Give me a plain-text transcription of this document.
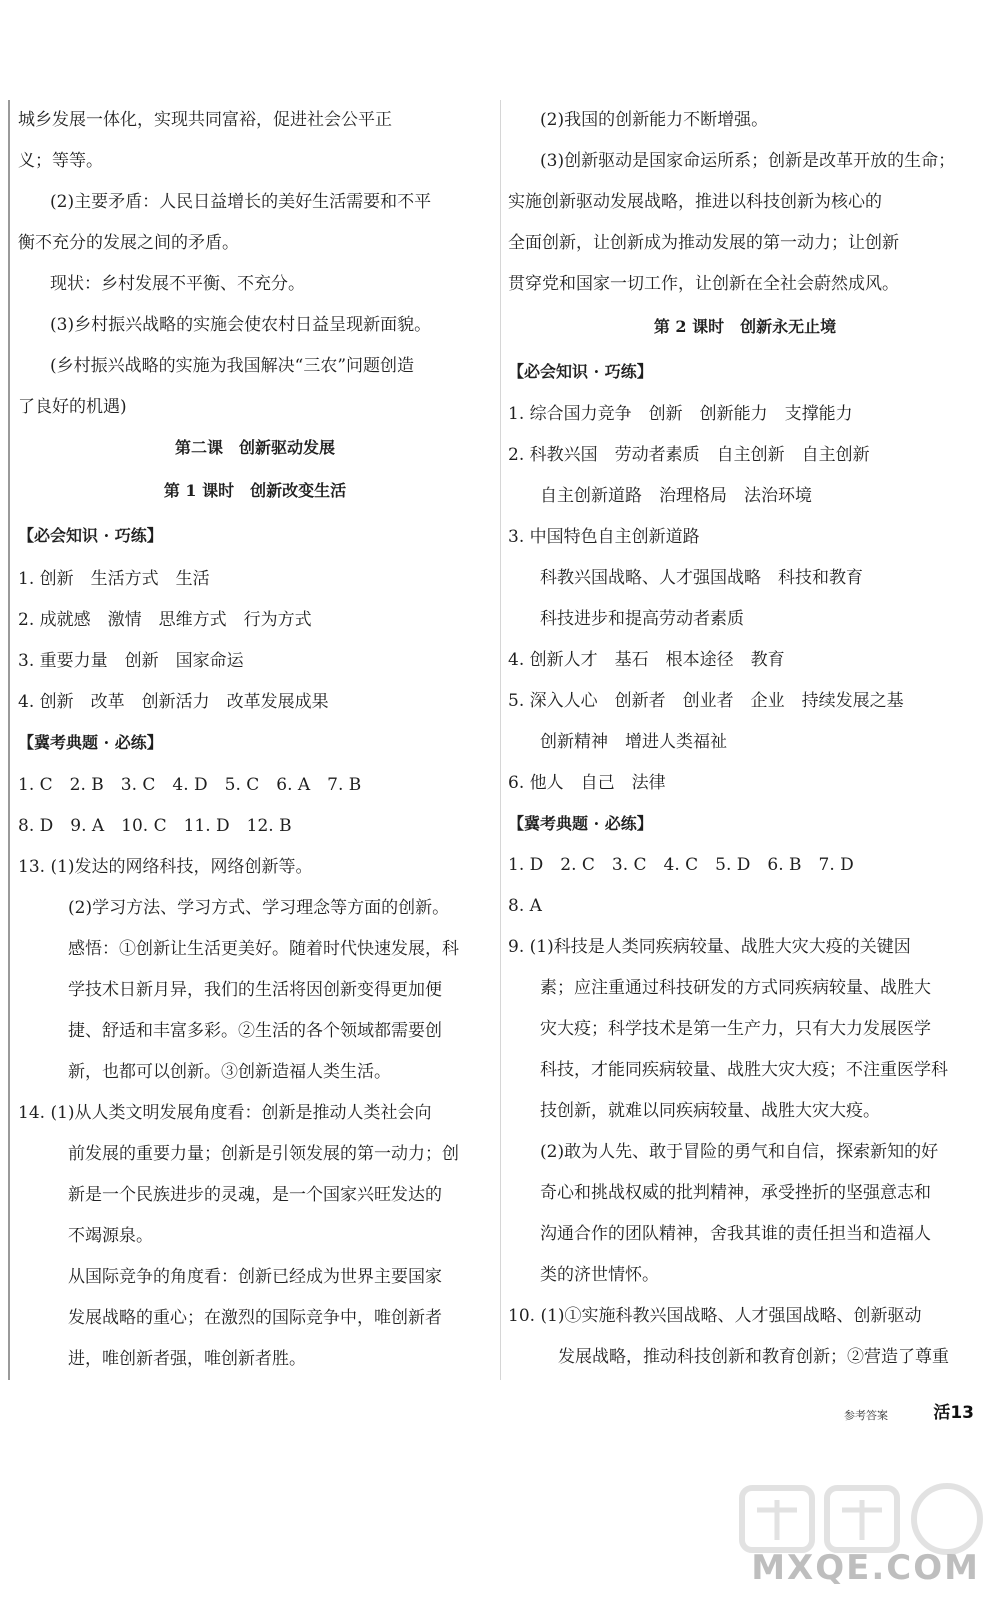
城乡发展一体化，实现共同富裕，促进社会公平正
义；等等。
(2)主要矛盾：人民日益增长的美好生活需要和不平
衡不充分的发展之间的矛盾。
现状：乡村发展不平衡、不充分。
(3)乡村振兴战略的实施会使农村日益呈现新面貌。
(乡村振兴战略的实施为我国解决“三农”问题创造
了良好的机遇)
第二课　创新驱动发展
第 1 课时　创新改变生活
【必会知识 · 巧练】
1. 创新　生活方式　生活
2. 成就感　激情　思维方式　行为方式
3. 重要力量　创新　国家命运
4. 创新　改革　创新活力　改革发展成果
【冀考典题 · 必练】
1. C　2. B　3. C　4. D　5. C　6. A　7. B
8. D　9. A　10. C　11. D　12. B
13. (1)发达的网络科技，网络创新等。
(2)学习方法、学习方式、学习理念等方面的创新。
感悟：①创新让生活更美好。随着时代快速发展，科
学技术日新月异，我们的生活将因创新变得更加便
捷、舒适和丰富多彩。②生活的各个领域都需要创
新，也都可以创新。③创新造福人类生活。
14. (1)从人类文明发展角度看：创新是推动人类社会向
前发展的重要力量；创新是引领发展的第一动力；创
新是一个民族进步的灵魂，是一个国家兴旺发达的
不竭源泉。
从国际竞争的角度看：创新已经成为世界主要国家
发展战略的重心；在激烈的国际竞争中，唯创新者
进，唯创新者强，唯创新者胜。
(2)我国的创新能力不断增强。
(3)创新驱动是国家命运所系；创新是改革开放的生命；
实施创新驱动发展战略，推进以科技创新为核心的
全面创新，让创新成为推动发展的第一动力；让创新
贯穿党和国家一切工作，让创新在全社会蔚然成风。
第 2 课时　创新永无止境
【必会知识 · 巧练】
1. 综合国力竞争　创新　创新能力　支撑能力
2. 科教兴国　劳动者素质　自主创新　自主创新
自主创新道路　治理格局　法治环境
3. 中国特色自主创新道路
科教兴国战略、人才强国战略　科技和教育
科技进步和提高劳动者素质
4. 创新人才　基石　根本途径　教育
5. 深入人心　创新者　创业者　企业　持续发展之基
创新精神　增进人类福祉
6. 他人　自己　法律
【冀考典题 · 必练】
1. D　2. C　3. C　4. C　5. D　6. B　7. D
8. A
9. (1)科技是人类同疾病较量、战胜大灾大疫的关键因
素；应注重通过科技研发的方式同疾病较量、战胜大
灾大疫；科学技术是第一生产力，只有大力发展医学
科技，才能同疾病较量、战胜大灾大疫；不注重医学科
技创新，就难以同疾病较量、战胜大灾大疫。
(2)敢为人先、敢于冒险的勇气和自信，探索新知的好
奇心和挑战权威的批判精神，承受挫折的坚强意志和
沟通合作的团队精神，舍我其谁的责任担当和造福人
类的济世情怀。
10. (1)①实施科教兴国战略、人才强国战略、创新驱动
发展战略，推动科技创新和教育创新；②营造了尊重
参考答案	活13
MXQE.COM
